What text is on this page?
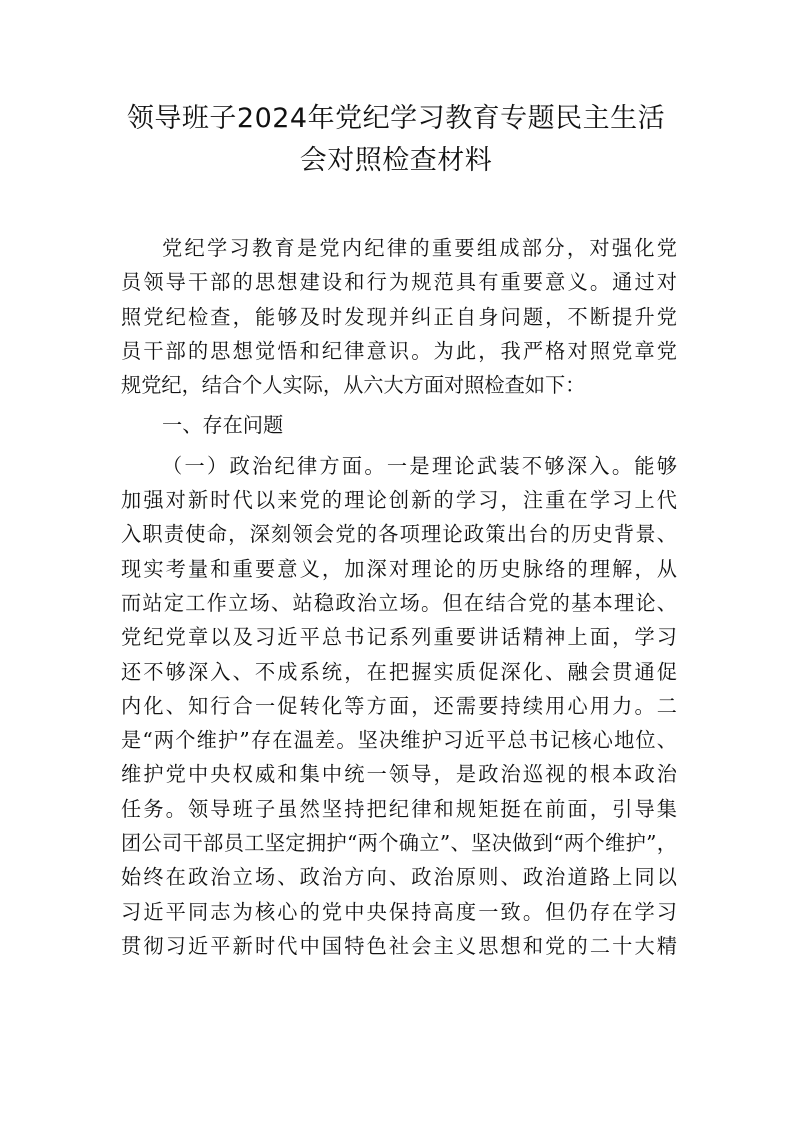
领导班子2024年党纪学习教育专题民主生活
会对照检查材料
党纪学习教育是党内纪律的重要组成部分，对强化党
员领导干部的思想建设和行为规范具有重要意义。通过对
照党纪检查，能够及时发现并纠正自身问题，不断提升党
员干部的思想觉悟和纪律意识。为此，我严格对照党章党
规党纪，结合个人实际，从六大方面对照检查如下：
一、存在问题
（一）政治纪律方面。一是理论武装不够深入。能够
加强对新时代以来党的理论创新的学习，注重在学习上代
入职责使命，深刻领会党的各项理论政策出台的历史背景、
现实考量和重要意义，加深对理论的历史脉络的理解，从
而站定工作立场、站稳政治立场。但在结合党的基本理论、
党纪党章以及习近平总书记系列重要讲话精神上面，学习
还不够深入、不成系统，在把握实质促深化、融会贯通促
内化、知行合一促转化等方面，还需要持续用心用力。二
是“两个维护”存在温差。坚决维护习近平总书记核心地位、
维护党中央权威和集中统一领导，是政治巡视的根本政治
任务。领导班子虽然坚持把纪律和规矩挺在前面，引导集
团公司干部员工坚定拥护“两个确立”、坚决做到“两个维护”，
始终在政治立场、政治方向、政治原则、政治道路上同以
习近平同志为核心的党中央保持高度一致。但仍存在学习
贯彻习近平新时代中国特色社会主义思想和党的二十大精
